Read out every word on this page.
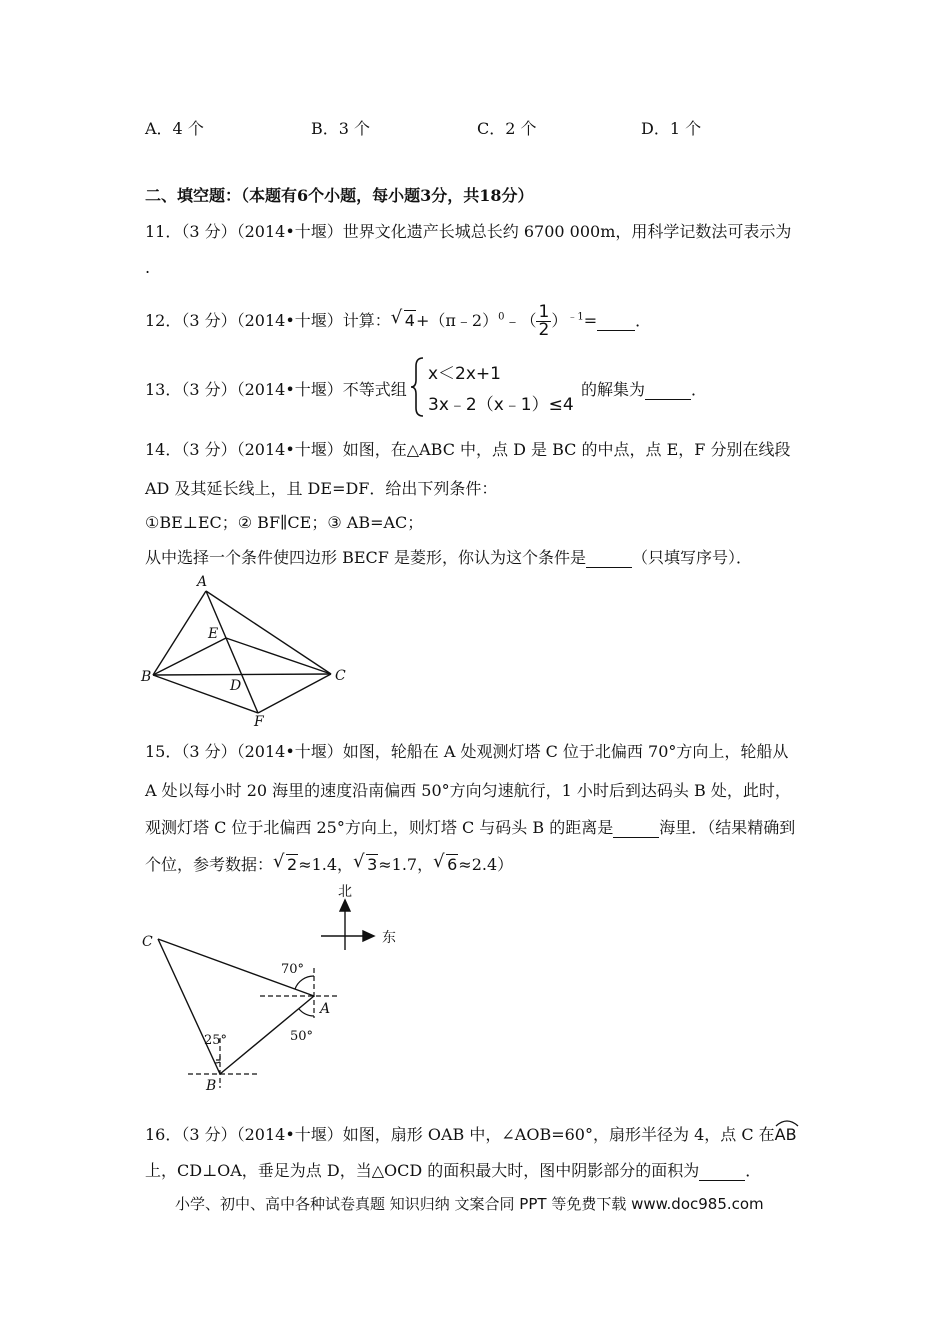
A．4 个	B．3 个	C．2 个	D．1 个
二、填空题：（本题有6个小题，每小题3分，共18分）
11．（3 分）（2014•十堰）世界文化遗产长城总长约 6700 000m，用科学记数法可表示为
.
12．（3 分）（2014•十堰）计算： √ 4+（π﹣2）$^0$﹣（ $\frac{1}{2} )^{﹣1}=$ ．
13．（3 分）（2014•十堰）不等式组
x＜2x+1
3x﹣2（x﹣1）≤4
的解集为	．
14．（3 分）（2014•十堰）如图，在△ABC 中，点 D 是 BC 的中点，点 E，F 分别在线段
AD 及其延长线上，且 DE=DF．给出下列条件：
①BE⊥EC；② BF∥CE；③ AB=AC；
从中选择一个条件使四边形 BECF 是菱形，你认为这个条件是	（只填写序号）．
A
B	C
D
E
F
15．（3 分）（2014•十堰）如图，轮船在 A 处观测灯塔 C 位于北偏西 70°方向上，轮船从
A 处以每小时 20 海里的速度沿南偏西 50°方向匀速航行，1 小时后到达码头 B 处，此时，
观测灯塔 C 位于北偏西 25°方向上，则灯塔 C 与码头 B 的距离是	海里．（结果精确到
个位，参考数据： √ 2≈1.4， √ 3≈1.7， √ 6≈2.4）
北
东
70°
50°
25°
C
A
B
16．（3 分）（2014•十堰）如图，扇形 OAB 中，∠AOB=60°，扇形半径为 4，点 C 在
AB
上，CD⊥OA，垂足为点 D，当△OCD 的面积最大时，图中阴影部分的面积为	．
小学、初中、高中各种试卷真题 知识归纳 文案合同 PPT 等免费下载 www.doc985.com
